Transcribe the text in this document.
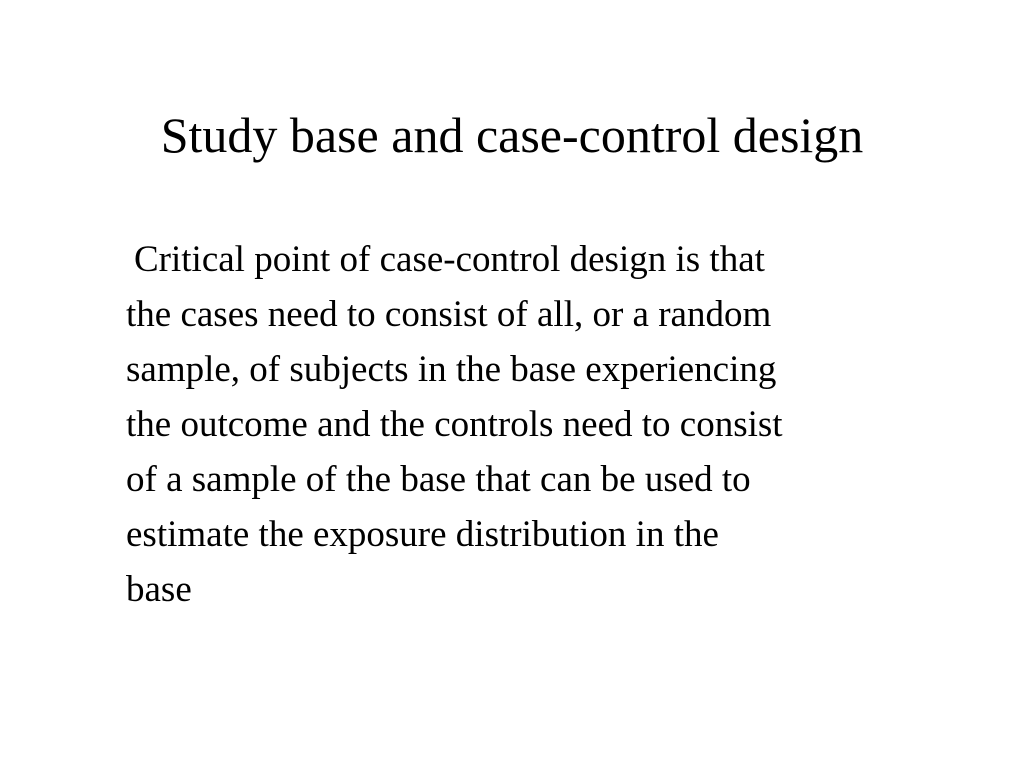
Study base and case-control design
Critical point of case-control design is that
the cases need to consist of all, or a random
sample, of subjects in the base experiencing
the outcome and the controls need to consist
of a sample of the base that can be used to
estimate the exposure distribution in the
base
